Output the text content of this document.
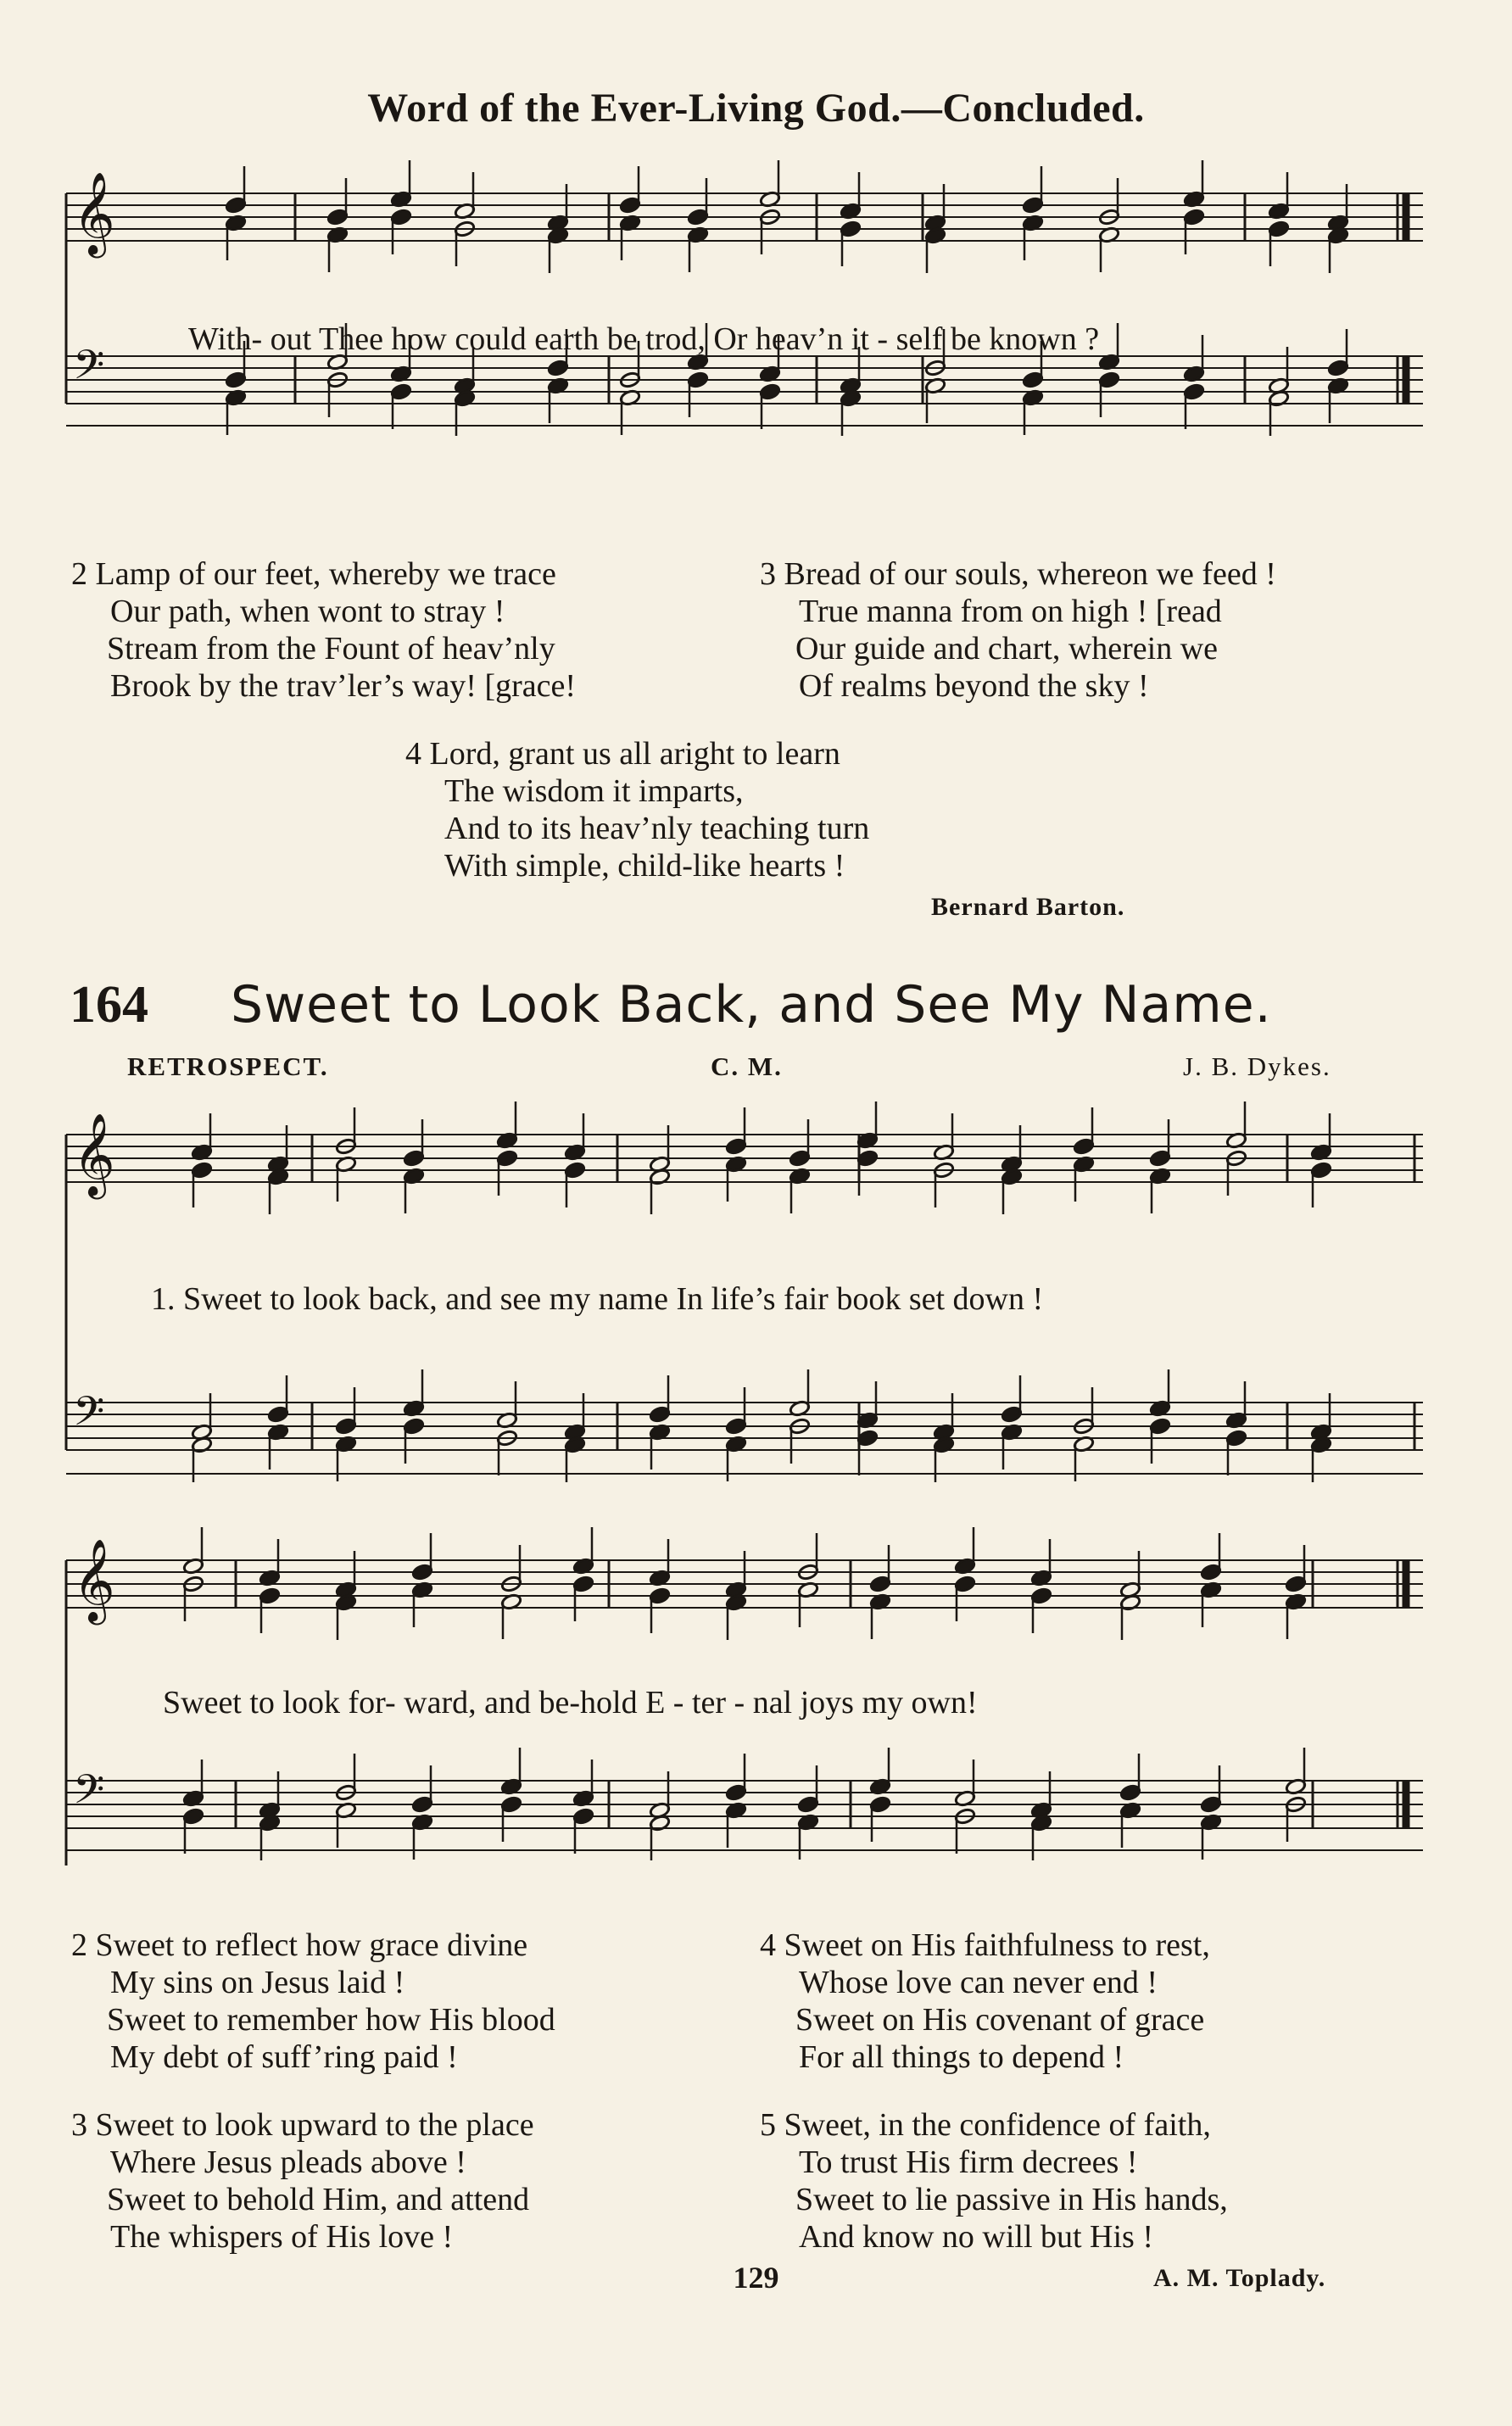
Word of the Ever-Living God.—Concluded.
𝄞
𝄢
With- out Thee how could earth be trod, Or heav’n it - self be known ?
2 Lamp of our feet, whereby we trace
Our path, when wont to stray !
Stream from the Fount of heav’nly
Brook by the trav’ler’s way! [grace!
3 Bread of our souls, whereon we feed !
True manna from on high ! [read
Our guide and chart, wherein we
Of realms beyond the sky !
4 Lord, grant us all aright to learn
The wisdom it imparts,
And to its heav’nly teaching turn
With simple, child-like hearts !
Bernard Barton.
164 Sweet to Look Back, and See My Name.
RETROSPECT.	C. M.	J. B. Dykes.
𝄞
𝄢
1. Sweet to look back, and see my name In life’s fair book set down !
𝄞
𝄢
Sweet to look for- ward, and be-hold E - ter - nal joys my own!
2 Sweet to reflect how grace divine
My sins on Jesus laid !
Sweet to remember how His blood
My debt of suff’ring paid !
3 Sweet to look upward to the place
Where Jesus pleads above !
Sweet to behold Him, and attend
The whispers of His love !
4 Sweet on His faithfulness to rest,
Whose love can never end !
Sweet on His covenant of grace
For all things to depend !
5 Sweet, in the confidence of faith,
To trust His firm decrees !
Sweet to lie passive in His hands,
And know no will but His !
129	A. M. Toplady.
